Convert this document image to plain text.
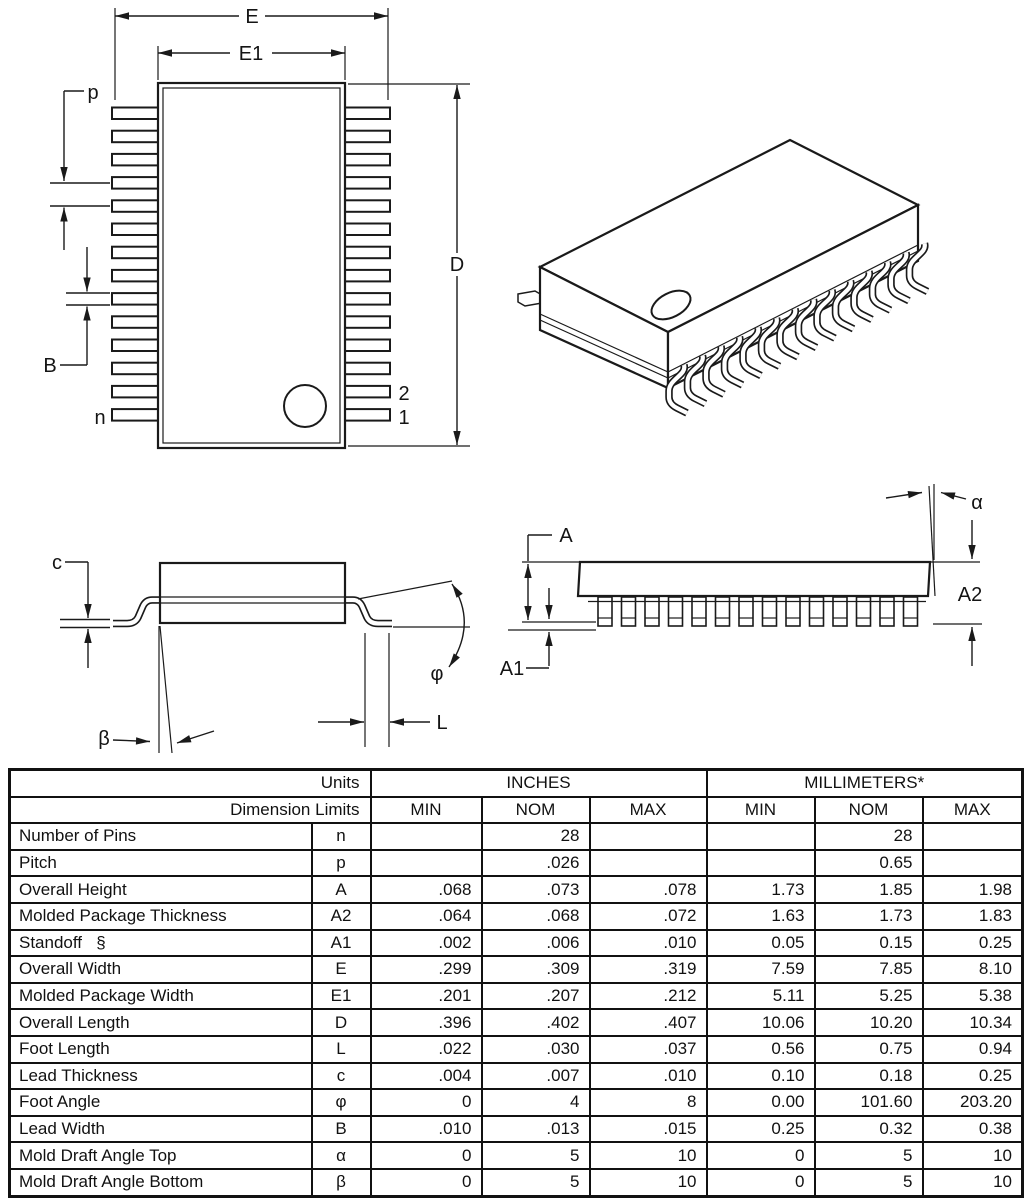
E
E1
D
p
B
n
2
1
c
β
φ
L
A
A1
A2
α
Units		INCHES			MILLIMETERS*		
Dimension Limits		MIN	NOM	MAX	MIN	NOM	MAX
Number of Pins	n		28			28	
Pitch	p		.026			0.65	
Overall Height	A	.068	.073	.078	1.73	1.85	1.98
Molded Package Thickness	A2	.064	.068	.072	1.63	1.73	1.83
Standoff   §	A1	.002	.006	.010	0.05	0.15	0.25
Overall Width	E	.299	.309	.319	7.59	7.85	8.10
Molded Package Width	E1	.201	.207	.212	5.11	5.25	5.38
Overall Length	D	.396	.402	.407	10.06	10.20	10.34
Foot Length	L	.022	.030	.037	0.56	0.75	0.94
Lead Thickness	c	.004	.007	.010	0.10	0.18	0.25
Foot Angle	φ	0	4	8	0.00	101.60	203.20
Lead Width	B	.010	.013	.015	0.25	0.32	0.38
Mold Draft Angle Top	α	0	5	10	0	5	10
Mold Draft Angle Bottom	β	0	5	10	0	5	10
